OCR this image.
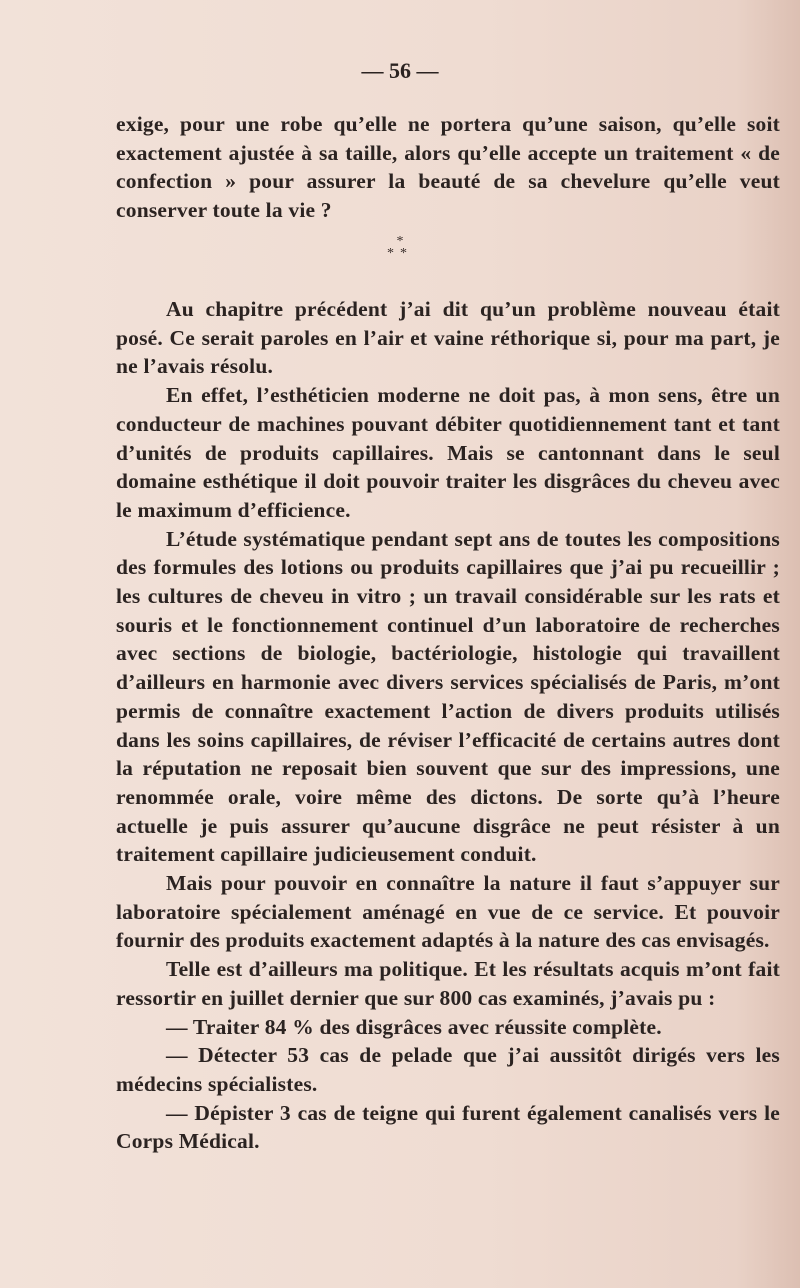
— 56 —

exige, pour une robe qu’elle ne portera qu’une saison, qu’elle soit exactement ajustée à sa taille, alors qu’elle accepte un traitement « de confection » pour assurer la beauté de sa chevelure qu’elle veut conserver toute la vie ?

*
**

Au chapitre précédent j’ai dit qu’un problème nouveau était posé. Ce serait paroles en l’air et vaine réthorique si, pour ma part, je ne l’avais résolu.

En effet, l’esthéticien moderne ne doit pas, à mon sens, être un conducteur de machines pouvant débiter quotidiennement tant et tant d’unités de produits capillaires. Mais se cantonnant dans le seul domaine esthétique il doit pouvoir traiter les disgrâces du cheveu avec le maximum d’efficience.

L’étude systématique pendant sept ans de toutes les compositions des formules des lotions ou produits capillaires que j’ai pu recueillir ; les cultures de cheveu in vitro ; un travail considérable sur les rats et souris et le fonctionnement continuel d’un laboratoire de recherches avec sections de biologie, bactériologie, histologie qui travaillent d’ailleurs en harmonie avec divers services spécialisés de Paris, m’ont permis de connaître exactement l’action de divers produits utilisés dans les soins capillaires, de réviser l’efficacité de certains autres dont la réputation ne reposait bien souvent que sur des impressions, une renommée orale, voire même des dictons. De sorte qu’à l’heure actuelle je puis assurer qu’aucune disgrâce ne peut résister à un traitement capillaire judicieusement conduit.

Mais pour pouvoir en connaître la nature il faut s’appuyer sur laboratoire spécialement aménagé en vue de ce service. Et pouvoir fournir des produits exactement adaptés à la nature des cas envisagés.

Telle est d’ailleurs ma politique. Et les résultats acquis m’ont fait ressortir en juillet dernier que sur 800 cas examinés, j’avais pu :

— Traiter 84 % des disgrâces avec réussite complète.

— Détecter 53 cas de pelade que j’ai aussitôt dirigés vers les médecins spécialistes.

— Dépister 3 cas de teigne qui furent également canalisés vers le Corps Médical.
